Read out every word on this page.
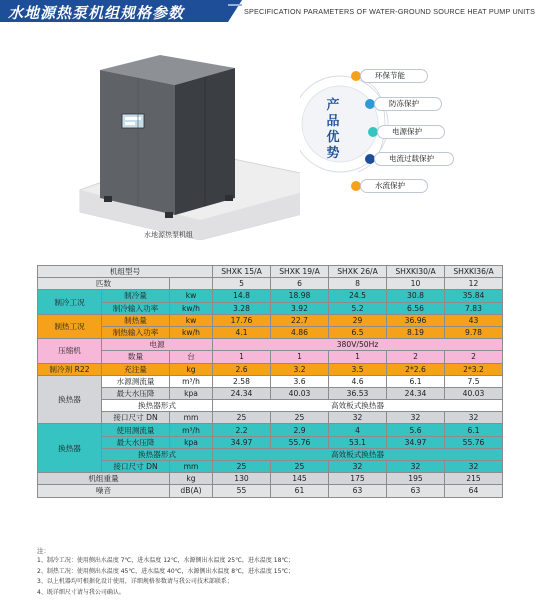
水地源热泵机组规格参数	SPECIFICATION PARAMETERS OF WATER-GROUND SOURCE HEAT PUMP UNITS
水地源热泵机组
产品优势
环保节能
防冻保护
电源保护
电流过载保护
水流保护
机组型号			SHXK 15/A	SHXK 19/A	SHXK 26/A	SHXKI30/A	SHXKI36/A
匹数			5	6	8	10	12
制冷工况	制冷量	kw	14.8	18.98	24.5	30.8	35.84
	制冷输入功率	kw/h	3.28	3.92	5.2	6.56	7.83
制热工况	制热量	kw	17.76	22.7	29	36.96	43
	制热输入功率	kw/h	4.1	4.86	6.5	8.19	9.78
压缩机	电源		380V/50Hz				
	数量	台	1	1	1	2	2
制冷剂 R22	充注量	kg	2.6	3.2	3.5	2*2.6	2*3.2
换热器	水源测流量	m³/h	2.58	3.6	4.6	6.1	7.5
	最大水压降	kpa	24.34	40.03	36.53	24.34	40.03
	换热器形式		高效板式换热器				
	接口尺寸 DN	mm	25	25	32	32	32
换热器	使用测流量	m³/h	2.2	2.9	4	5.6	6.1
	最大水压降	kpa	34.97	55.76	53.1	34.97	55.76
	换热器形式		高效板式换热器				
	接口尺寸 DN	mm	25	25	32	32	32
机组重量		kg	130	145	175	195	215
噪音		dB(A)	55	61	63	63	64
注：
1、制冷工况：使用侧出水温度 7℃，进水温度 12℃，水源侧出水温度 25℃，进水温度 18℃；
2、制热工况：使用侧出水温度 45℃，进水温度 40℃，水源侧出水温度 8℃，进水温度 15℃；
3、以上机器均可根据化设计使用，详细规格参数请与我公司技术部联系；
4、既详细尺寸请与我公司确认。
